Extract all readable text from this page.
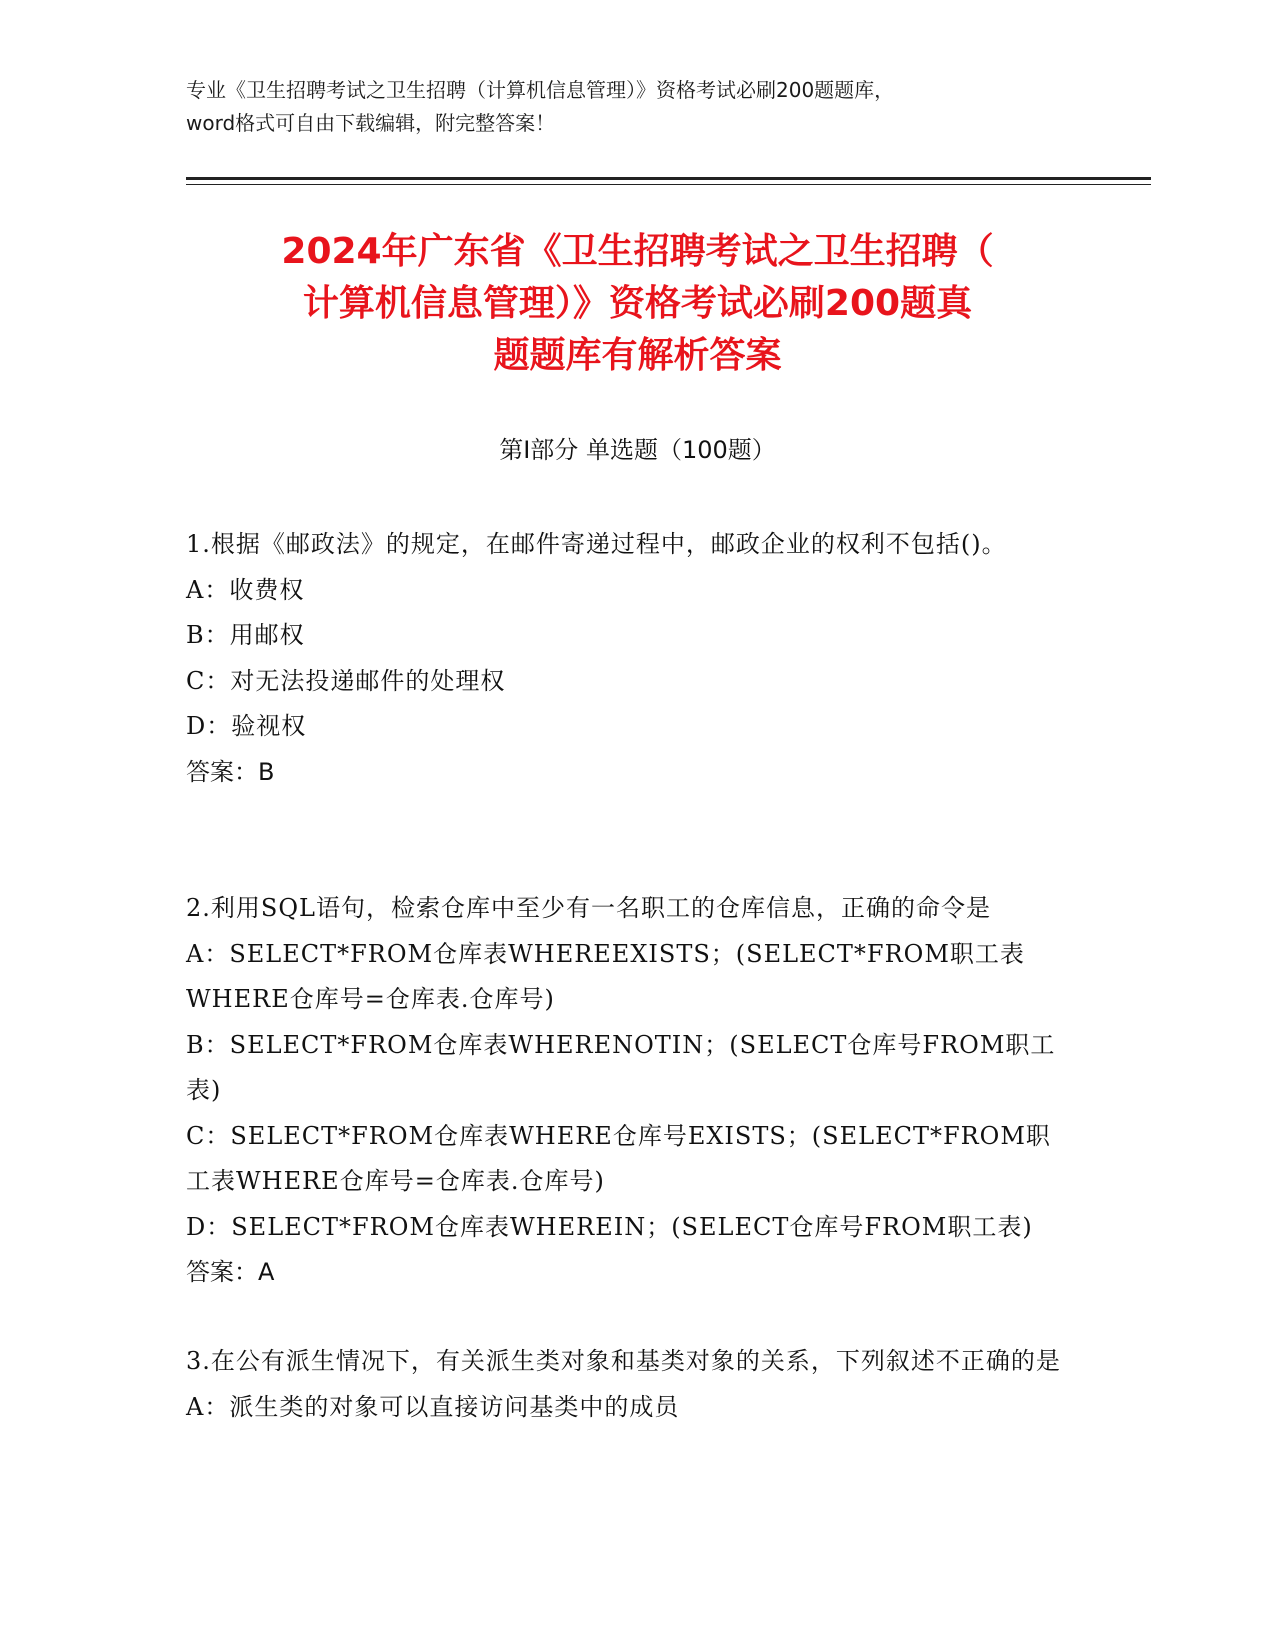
专业《卫生招聘考试之卫生招聘（计算机信息管理）》资格考试必刷200题题库，
word格式可自由下载编辑，附完整答案！
2024年广东省《卫生招聘考试之卫生招聘（
计算机信息管理）》资格考试必刷200题真
题题库有解析答案
第Ⅰ部分 单选题（100题）

1.根据《邮政法》的规定，在邮件寄递过程中，邮政企业的权利不包括()。

A：收费权

B：用邮权

C：对无法投递邮件的处理权

D：验视权

答案：B

2.利用SQL语句，检索仓库中至少有一名职工的仓库信息，正确的命令是

A：SELECT*FROM仓库表WHEREEXISTS；(SELECT*FROM职工表WHERE仓库号=仓库表.仓库号)

B：SELECT*FROM仓库表WHERENOTIN；(SELECT仓库号FROM职工表)

C：SELECT*FROM仓库表WHERE仓库号EXISTS；(SELECT*FROM职工表WHERE仓库号=仓库表.仓库号)

D：SELECT*FROM仓库表WHEREIN；(SELECT仓库号FROM职工表)

答案：A

3.在公有派生情况下，有关派生类对象和基类对象的关系，下列叙述不正确的是

A：派生类的对象可以直接访问基类中的成员
